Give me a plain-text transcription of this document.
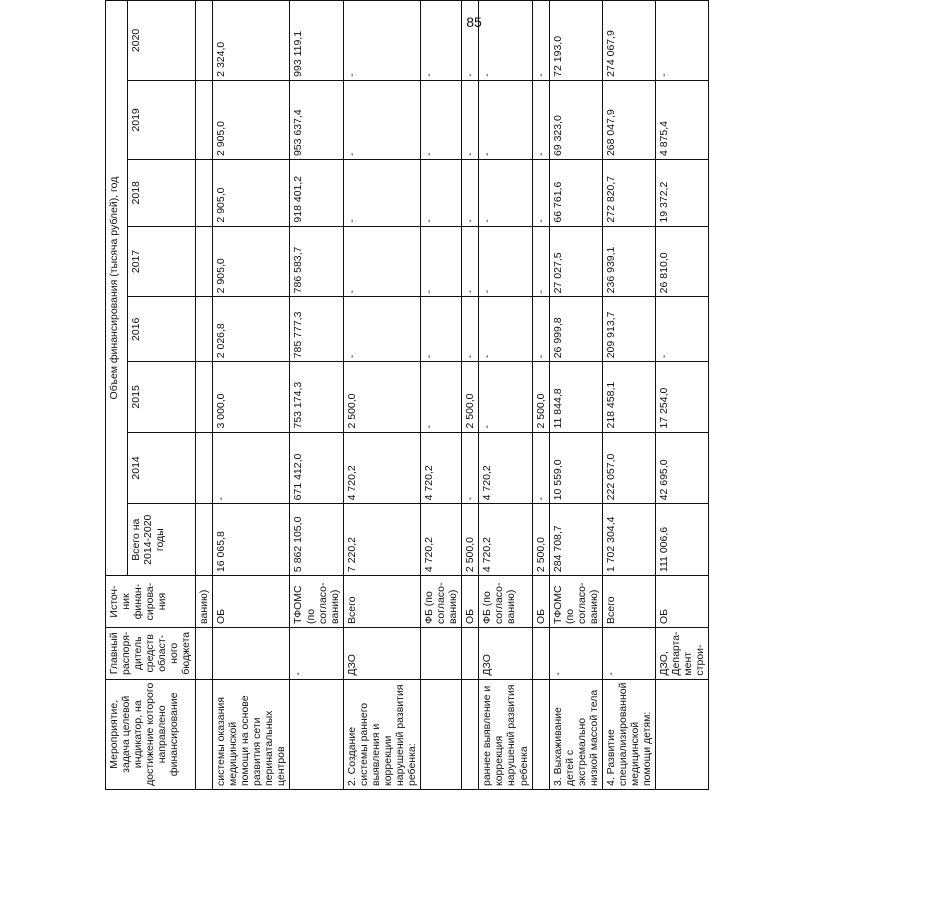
85
Мероприятие, задача целевой индикатор, на достижение которого направлено финансирование	Главный распоря-дитель средств област-ного бюджета	Источ-ник финан-сирова-ния	Объем финансирования (тысяча рублей), год							
			Всего на 2014-2020 годы	2014	2015	2016	2017	2018	2019	2020
		ванию)								
системы оказания медицинской помощи на основе развития сети перинатальных центров		ОБ	16 065,8	-	3 000,0	2 026,8	2 905,0	2 905,0	2 905,0	2 324,0
	-	ТФОМС (по согласо-ванию)	5 862 105,0	671 412,0	753 174,3	785 777,3	786 583,7	918 401,2	953 637,4	993 119,1
2. Создание системы раннего выявления и коррекции нарушений развития ребенка:	ДЗО	Всего	7 220,2	4 720,2	2 500,0	-	-	-	-	-
		ФБ (по согласо-ванию)	4 720,2	4 720,2	-	-	-	-	-	-
		ОБ	2 500,0	-	2 500,0	-	-	-	-	-
раннее выявление и коррекция нарушений развития ребенка	ДЗО	ФБ (по согласо-ванию)	4 720,2	4 720,2	-	-	-	-	-	-
		ОБ	2 500,0	-	2 500,0	-	-	-	-	-
3. Выхаживание детей с экстремально низкой массой тела	-	ТФОМС (по согласо-ванию)	284 708,7	10 559,0	11 844,8	26 999,8	27 027,5	66 761,6	69 323,0	72 193,0
4. Развитие специализированной медицинской помощи детям:	-	Всего	1 702 304,4	222 057,0	218 458,1	209 913,7	236 939,1	272 820,7	268 047,9	274 067,9
	ДЗО, Департа-мент строи-	ОБ	111 006,6	42 695,0	17 254,0	-	26 810,0	19 372,2	4 875,4	-
